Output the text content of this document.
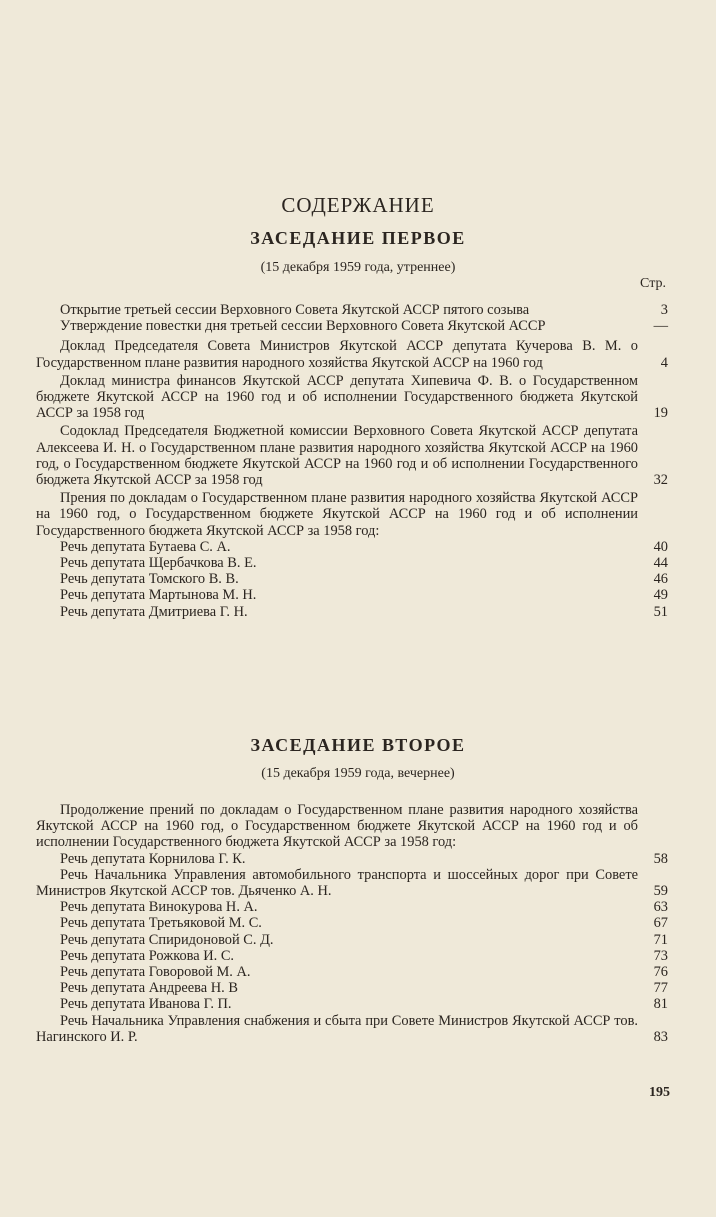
СОДЕРЖАНИЕ
ЗАСЕДАНИЕ ПЕРВОЕ
(15 декабря 1959 года, утреннее)
Стр.
Открытие третьей сессии Верховного Совета Якутской АССР пятого созыва	3
Утверждение повестки дня третьей сессии Верховного Совета Якутской АССР	—
Доклад Председателя Совета Министров Якутской АССР депутата Кучерова В. М. о Государственном плане развития народного хозяйства Якутской АССР на 1960 год	4
Доклад министра финансов Якутской АССР депутата Хипевича Ф. В. о Государственном бюджете Якутской АССР на 1960 год и об исполнении Государственного бюджета Якутской АССР за 1958 год	19
Содоклад Председателя Бюджетной комиссии Верховного Совета Якутской АССР депутата Алексеева И. Н. о Государственном плане развития народного хозяйства Якутской АССР на 1960 год, о Государственном бюджете Якутской АССР на 1960 год и об исполнении Государственного бюджета Якутской АССР за 1958 год	32
Прения по докладам о Государственном плане развития народного хозяйства Якутской АССР на 1960 год, о Государственном бюджете Якутской АССР на 1960 год и об исполнении Государственного бюджета Якутской АССР за 1958 год:
Речь депутата Бутаева С. А.	40
Речь депутата Щербачкова В. Е.	44
Речь депутата Томского В. В.	46
Речь депутата Мартынова М. Н.	49
Речь депутата Дмитриева Г. Н.	51
ЗАСЕДАНИЕ ВТОРОЕ
(15 декабря 1959 года, вечернее)
Продолжение прений по докладам о Государственном плане развития народного хозяйства Якутской АССР на 1960 год, о Государственном бюджете Якутской АССР на 1960 год и об исполнении Государственного бюджета Якутской АССР за 1958 год:
Речь депутата Корнилова Г. К.	58
Речь Начальника Управления автомобильного транспорта и шоссейных дорог при Совете Министров Якутской АССР тов. Дьяченко А. Н.	59
Речь депутата Винокурова Н. А.	63
Речь депутата Третьяковой М. С.	67
Речь депутата Спиридоновой С. Д.	71
Речь депутата Рожкова И. С.	73
Речь депутата Говоровой М. А.	76
Речь депутата Андреева Н. В	77
Речь депутата Иванова Г. П.	81
Речь Начальника Управления снабжения и сбыта при Совете Министров Якутской АССР тов. Нагинского И. Р.	83
195
